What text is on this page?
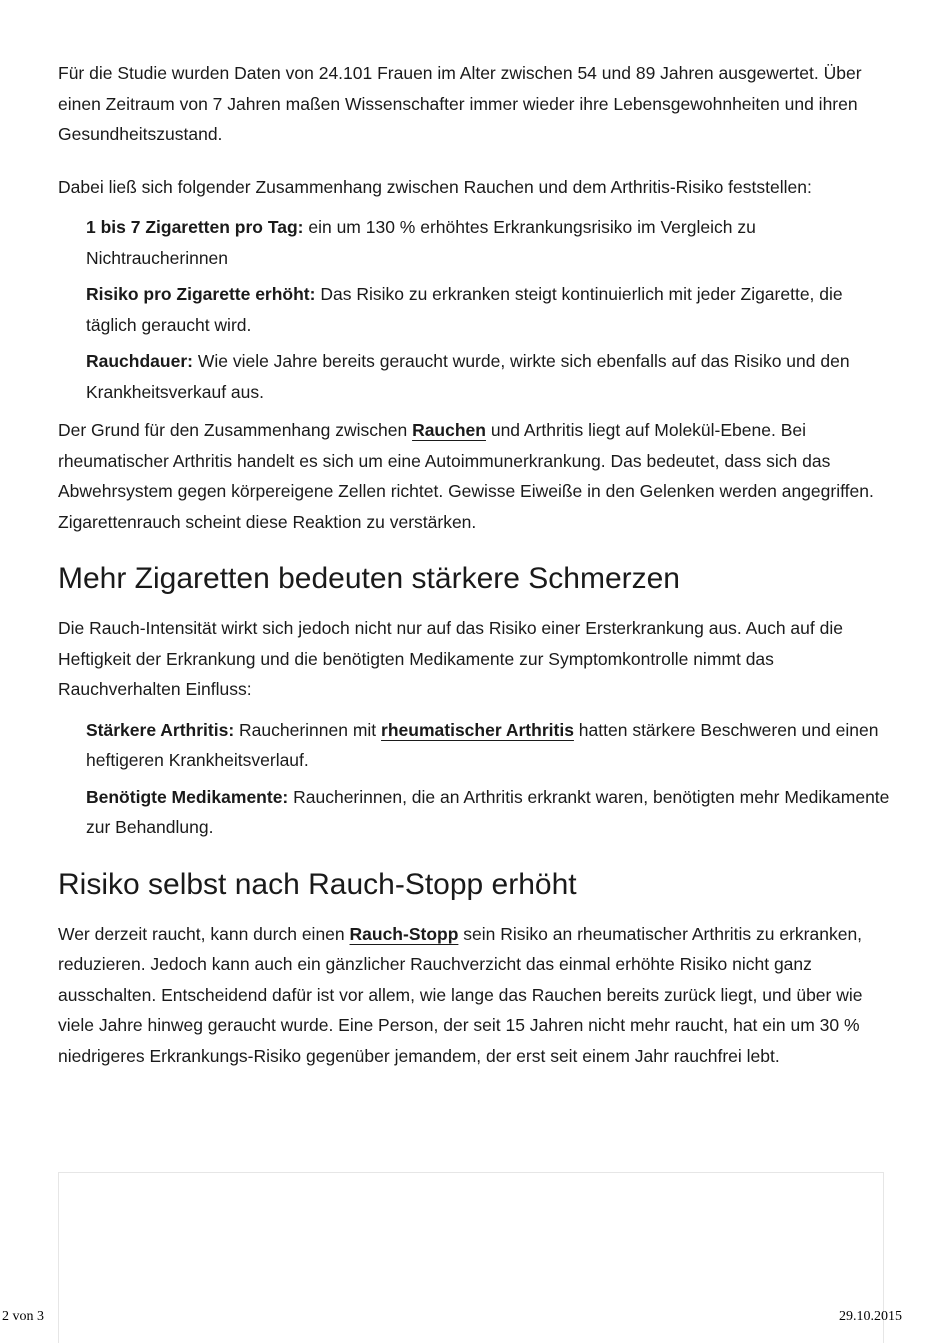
Für die Studie wurden Daten von 24.101 Frauen im Alter zwischen 54 und 89 Jahren ausgewertet. Über einen Zeitraum von 7 Jahren maßen Wissenschafter immer wieder ihre Lebensgewohnheiten und ihren Gesundheitszustand.

Dabei ließ sich folgender Zusammenhang zwischen Rauchen und dem Arthritis-Risiko feststellen:

1 bis 7 Zigaretten pro Tag: ein um 130 % erhöhtes Erkrankungsrisiko im Vergleich zu Nichtraucherinnen
Risiko pro Zigarette erhöht: Das Risiko zu erkranken steigt kontinuierlich mit jeder Zigarette, die täglich geraucht wird.
Rauchdauer: Wie viele Jahre bereits geraucht wurde, wirkte sich ebenfalls auf das Risiko und den Krankheitsverkauf aus.

Der Grund für den Zusammenhang zwischen Rauchen und Arthritis liegt auf Molekül-Ebene. Bei rheumatischer Arthritis handelt es sich um eine Autoimmunerkrankung. Das bedeutet, dass sich das Abwehrsystem gegen körpereigene Zellen richtet. Gewisse Eiweiße in den Gelenken werden angegriffen. Zigarettenrauch scheint diese Reaktion zu verstärken.

Mehr Zigaretten bedeuten stärkere Schmerzen

Die Rauch-Intensität wirkt sich jedoch nicht nur auf das Risiko einer Ersterkrankung aus. Auch auf die Heftigkeit der Erkrankung und die benötigten Medikamente zur Symptomkontrolle nimmt das Rauchverhalten Einfluss:

Stärkere Arthritis: Raucherinnen mit rheumatischer Arthritis hatten stärkere Beschweren und einen heftigeren Krankheitsverlauf.
Benötigte Medikamente: Raucherinnen, die an Arthritis erkrankt waren, benötigten mehr Medikamente zur Behandlung.
Risiko selbst nach Rauch-Stopp erhöht

Wer derzeit raucht, kann durch einen Rauch-Stopp sein Risiko an rheumatischer Arthritis zu erkranken, reduzieren. Jedoch kann auch ein gänzlicher Rauchverzicht das einmal erhöhte Risiko nicht ganz ausschalten. Entscheidend dafür ist vor allem, wie lange das Rauchen bereits zurück liegt, und über wie viele Jahre hinweg geraucht wurde. Eine Person, der seit 15 Jahren nicht mehr raucht, hat ein um 30 % niedrigeres Erkrankungs-Risiko gegenüber jemandem, der erst seit einem Jahr rauchfrei lebt.

2 von 3	29.10.2015
